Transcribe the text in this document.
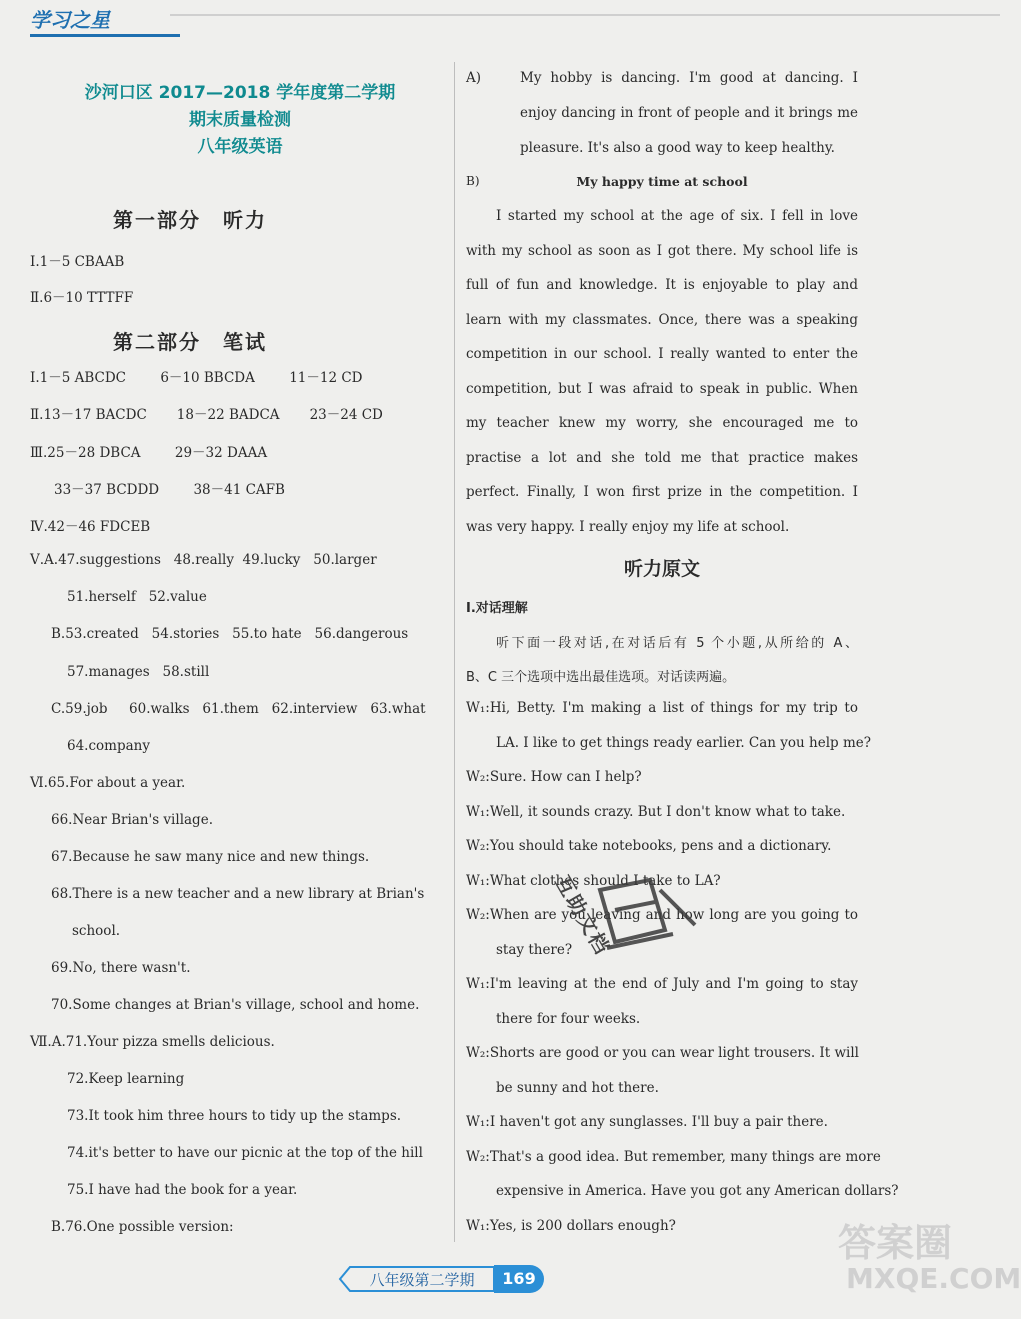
学习之星
沙河口区 2017—2018 学年度第二学期
期末质量检测
八年级英语
第一部分 听力
Ⅰ.1－5 CBAAB
Ⅱ.6－10 TTTFF
第二部分 笔试
Ⅰ.1－5 ABCDC        6－10 BBCDA        11－12 CD
Ⅱ.13－17 BACDC       18－22 BADCA       23－24 CD
Ⅲ.25－28 DBCA        29－32 DAAA
33－37 BCDDD        38－41 CAFB
Ⅳ.42－46 FDCEB
Ⅴ.A.47.suggestions   48.really  49.lucky   50.larger
51.herself   52.value
B.53.created   54.stories   55.to hate   56.dangerous
57.manages   58.still
C.59.job     60.walks   61.them   62.interview   63.what
64.company
Ⅵ.65.For about a year.
66.Near Brian's village.
67.Because he saw many nice and new things.
68.There is a new teacher and a new library at Brian's
school.
69.No, there wasn't.
70.Some changes at Brian's village, school and home.
Ⅶ.A.71.Your pizza smells delicious.
72.Keep learning
73.It took him three hours to tidy up the stamps.
74.it's better to have our picnic at the top of the hill
75.I have had the book for a year.
B.76.One possible version:
A)	My hobby is dancing. I'm good at dancing. I
enjoy dancing in front of people and it brings me
pleasure. It's also a good way to keep healthy.
B)	My happy time at school
I started my school at the age of six. I fell in love
with my school as soon as I got there. My school life is
full of fun and knowledge. It is enjoyable to play and
learn with my classmates. Once, there was a speaking
competition in our school. I really wanted to enter the
competition, but I was afraid to speak in public. When
my teacher knew my worry, she encouraged me to
practise a lot and she told me that practice makes
perfect. Finally, I won first prize in the competition. I
was very happy. I really enjoy my life at school.
听力原文
Ⅰ.对话理解
听下面一段对话,在对话后有 5 个小题,从所给的 A、
B、C 三个选项中选出最佳选项。对话读两遍。
W₁:Hi, Betty. I'm making a list of things for my trip to
LA. I like to get things ready earlier. Can you help me?
W₂:Sure. How can I help?
W₁:Well, it sounds crazy. But I don't know what to take.
W₂:You should take notebooks, pens and a dictionary.
W₁:What clothes should I take to LA?
W₂:When are you leaving and how long are you going to
stay there?
W₁:I'm leaving at the end of July and I'm going to stay
there for four weeks.
W₂:Shorts are good or you can wear light trousers. It will
be sunny and hot there.
W₁:I haven't got any sunglasses. I'll buy a pair there.
W₂:That's a good idea. But remember, many things are more
expensive in America. Have you got any American dollars?
W₁:Yes, is 200 dollars enough?
互助文档
八年级第二学期	169
答案圈
MXQE.COM
